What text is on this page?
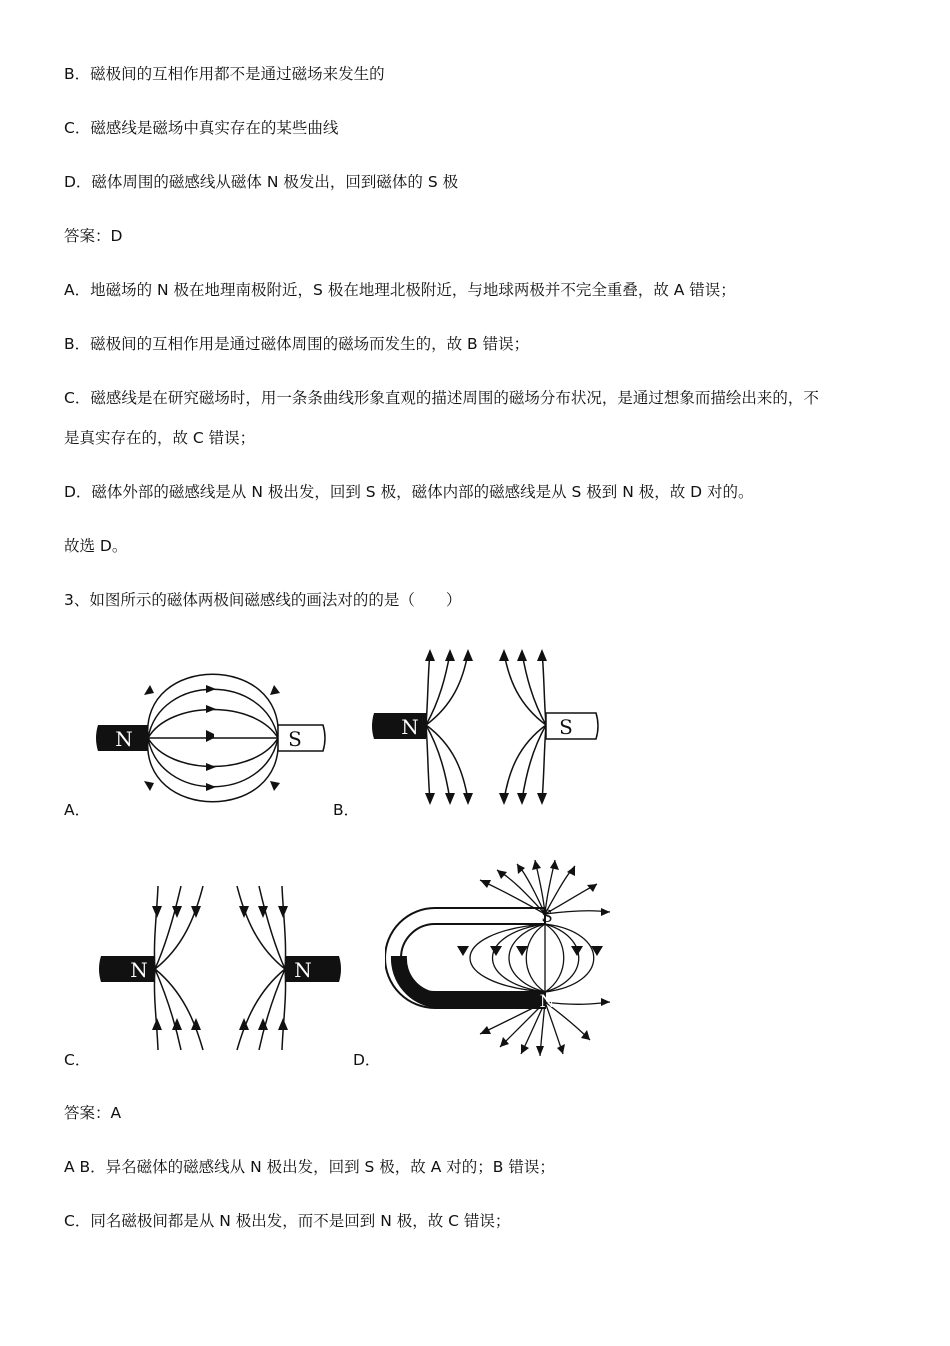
B．磁极间的互相作用都不是通过磁场来发生的
C．磁感线是磁场中真实存在的某些曲线
D．磁体周围的磁感线从磁体 N 极发出，回到磁体的 S 极
答案：D
A．地磁场的 N 极在地理南极附近，S 极在地理北极附近，与地球两极并不完全重叠，故 A 错误；
B．磁极间的互相作用是通过磁体周围的磁场而发生的，故 B 错误；
C．磁感线是在研究磁场时，用一条条曲线形象直观的描述周围的磁场分布状况，是通过想象而描绘出来的，不
是真实存在的，故 C 错误；
D．磁体外部的磁感线是从 N 极出发，回到 S 极，磁体内部的磁感线是从 S 极到 N 极，故 D 对的。
故选 D。
3、如图所示的磁体两极间磁感线的画法对的的是（　　）
A．
N	S
B．
N	S
C．
N	N
D．
S
N
答案：A
A B．异名磁体的磁感线从 N 极出发，回到 S 极，故 A 对的；B 错误；
C．同名磁极间都是从 N 极出发，而不是回到 N 极，故 C 错误；
